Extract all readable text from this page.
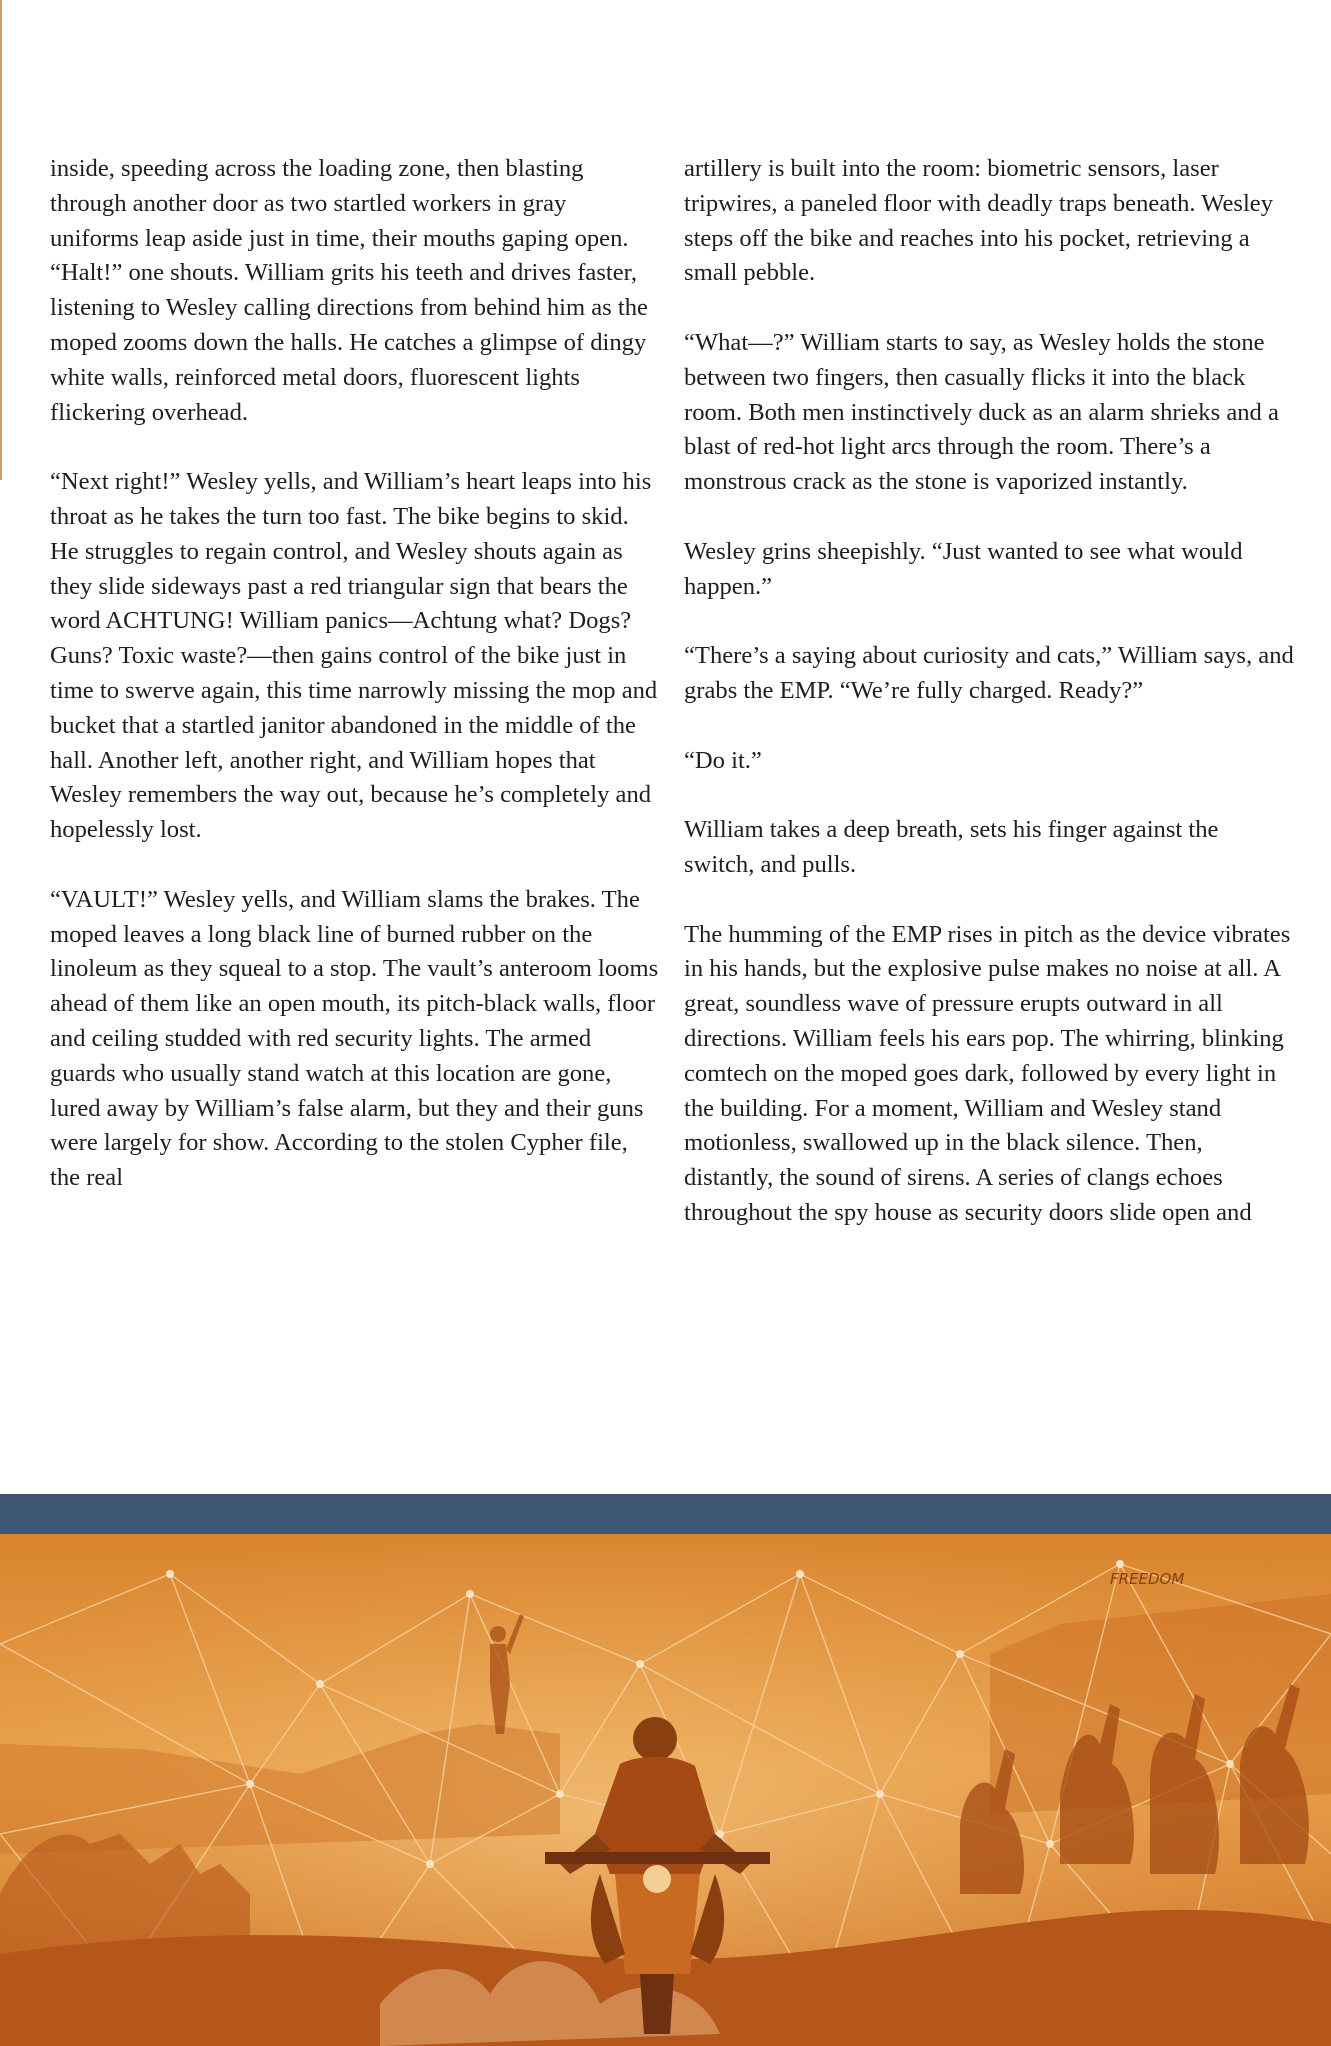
inside, speeding across the loading zone, then blasting through another door as two startled workers in gray uniforms leap aside just in time, their mouths gaping open.

“Halt!” one shouts. William grits his teeth and drives faster, listening to Wesley calling directions from behind him as the moped zooms down the halls. He catches a glimpse of dingy white walls, reinforced metal doors, fluorescent lights flickering overhead.

“Next right!” Wesley yells, and William’s heart leaps into his throat as he takes the turn too fast. The bike begins to skid. He struggles to regain control, and Wesley shouts again as they slide sideways past a red triangular sign that bears the word ACHTUNG! William panics—Achtung what? Dogs? Guns? Toxic waste?—then gains control of the bike just in time to swerve again, this time narrowly missing the mop and bucket that a startled janitor abandoned in the middle of the hall. Another left, another right, and William hopes that Wesley remembers the way out, because he’s completely and hopelessly lost.

“VAULT!” Wesley yells, and William slams the brakes. The moped leaves a long black line of burned rubber on the linoleum as they squeal to a stop. The vault’s anteroom looms ahead of them like an open mouth, its pitch-black walls, floor and ceiling studded with red security lights. The armed guards who usually stand watch at this location are gone, lured away by William’s false alarm, but they and their guns were largely for show. According to the stolen Cypher file, the real

artillery is built into the room: biometric sensors, laser tripwires, a paneled floor with deadly traps beneath. Wesley steps off the bike and reaches into his pocket, retrieving a small pebble.

“What—?” William starts to say, as Wesley holds the stone between two fingers, then casually flicks it into the black room. Both men instinctively duck as an alarm shrieks and a blast of red-hot light arcs through the room. There’s a monstrous crack as the stone is vaporized instantly.

Wesley grins sheepishly. “Just wanted to see what would happen.”

“There’s a saying about curiosity and cats,” William says, and grabs the EMP. “We’re fully charged. Ready?”

“Do it.”

William takes a deep breath, sets his finger against the switch, and pulls.

The humming of the EMP rises in pitch as the device vibrates in his hands, but the explosive pulse makes no noise at all. A great, soundless wave of pressure erupts outward in all directions. William feels his ears pop. The whirring, blinking comtech on the moped goes dark, followed by every light in the building. For a moment, William and Wesley stand motionless, swallowed up in the black silence. Then, distantly, the sound of sirens. A series of clangs echoes throughout the spy house as security doors slide open and

FREEDOM
